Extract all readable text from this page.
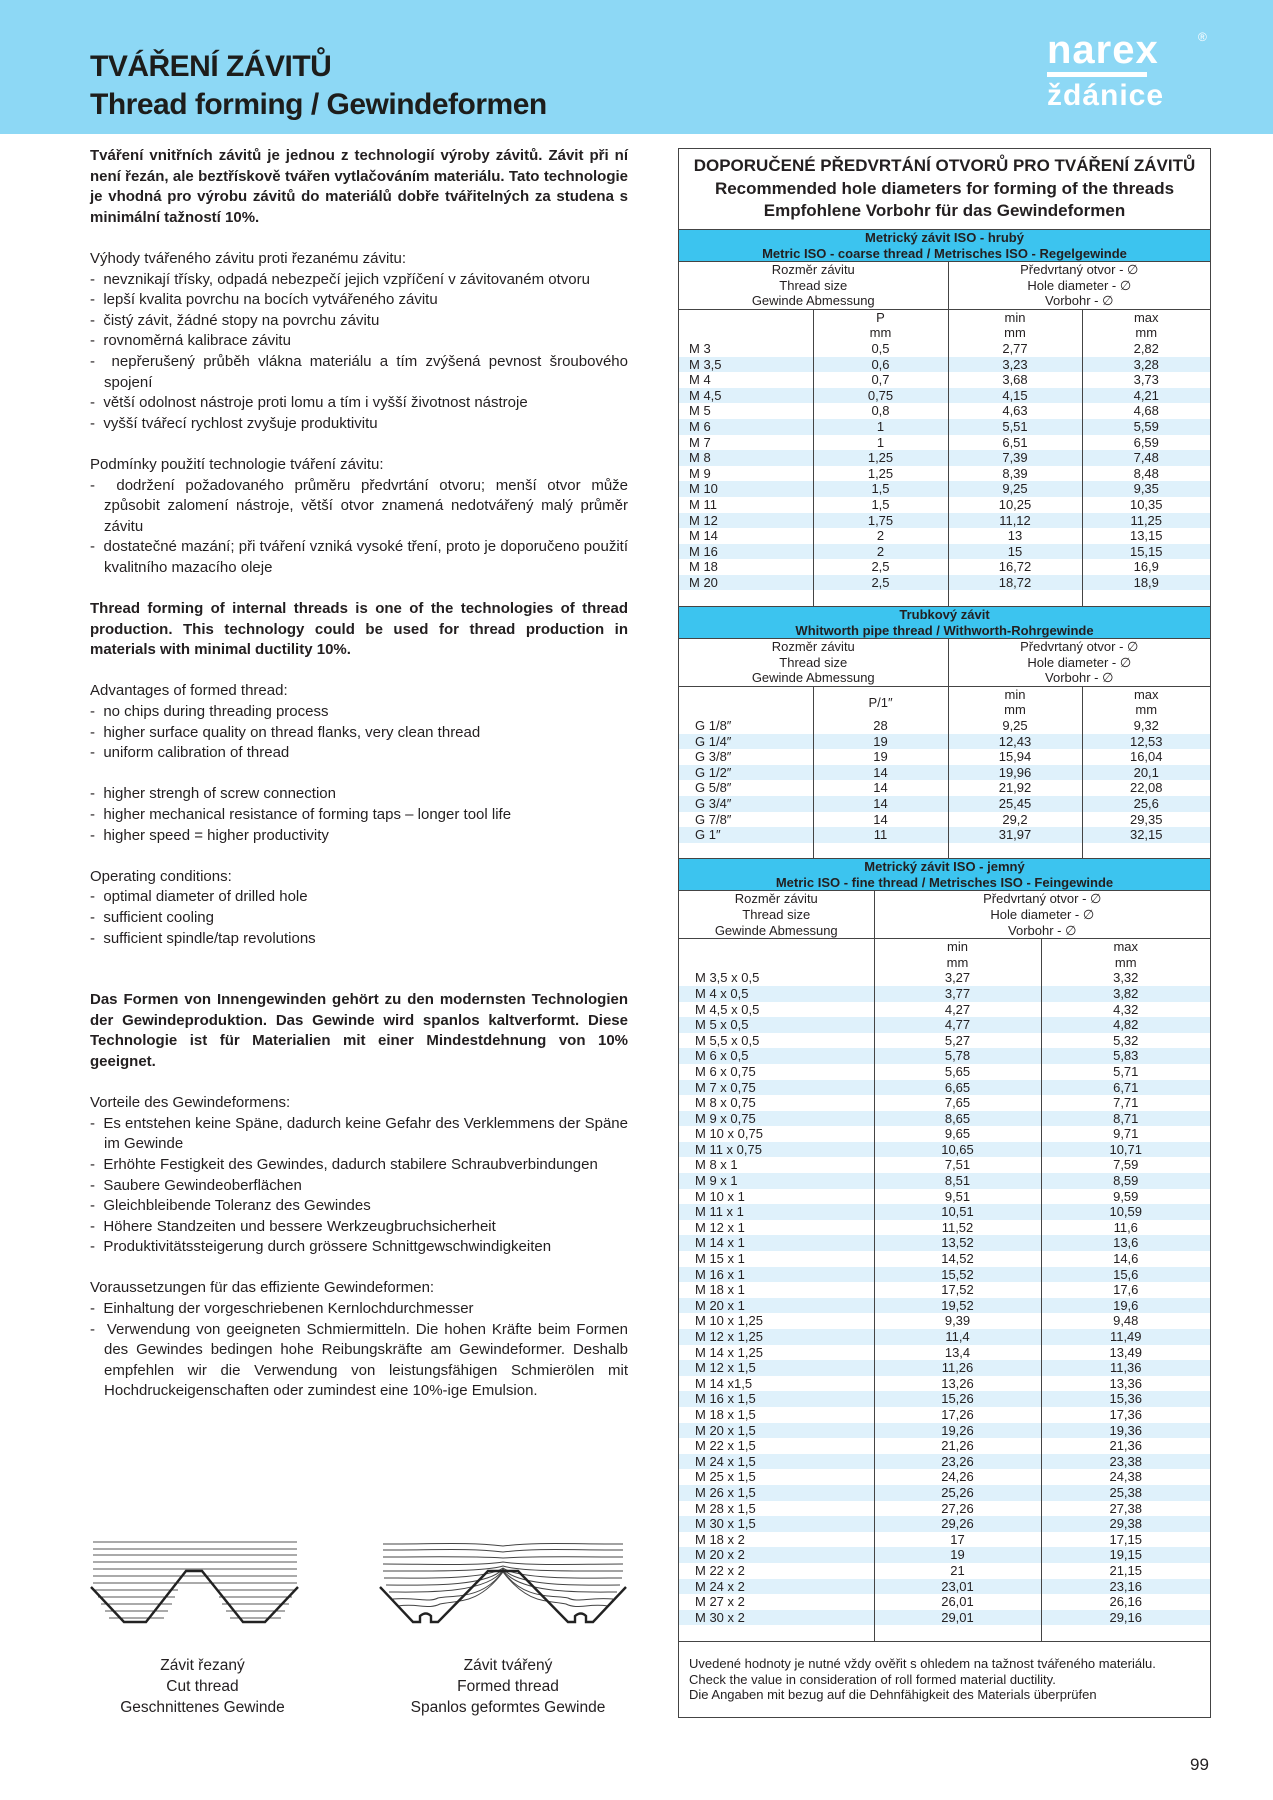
TVÁŘENÍ ZÁVITŮ
Thread forming / Gewindeformen
narex
ždánice
®

Tváření vnitřních závitů je jednou z technologií výroby závitů. Závit při ní není řezán, ale beztřískově tvářen vytlačováním materiálu. Tato technologie je vhodná pro výrobu závitů do materiálů dobře tvářitelných za studena s minimální tažností 10%.

Výhody tvářeného závitu proti řezanému závitu:

-  nevznikají třísky, odpadá nebezpečí jejich vzpříčení v závitovaném otvoru
-  lepší kvalita povrchu na bocích vytvářeného závitu
-  čistý závit, žádné stopy na povrchu závitu
-  rovnoměrná kalibrace závitu
-  nepřerušený průběh vlákna materiálu a tím zvýšená pevnost šroubového spojení
-  větší odolnost nástroje proti lomu a tím i vyšší životnost nástroje
-  vyšší tvářecí rychlost zvyšuje produktivitu

Podmínky použití technologie tváření závitu:

-  dodržení požadovaného průměru předvrtání otvoru; menší otvor může způsobit zalomení nástroje, větší otvor znamená nedotvářený malý průměr závitu
-  dostatečné mazání; při tváření vzniká vysoké tření, proto je doporučeno použití kvalitního mazacího oleje

Thread forming of internal threads is one of the technologies of thread production. This technology could be used for thread production in materials with minimal ductility 10%.

Advantages of formed thread:

-  no chips during threading process
-  higher surface quality on thread flanks, very clean thread
-  uniform calibration of thread
-  higher strengh of screw connection
-  higher mechanical resistance of forming taps – longer tool life
-  higher speed = higher productivity

Operating conditions:

-  optimal diameter of drilled hole
-  sufficient cooling
-  sufficient spindle/tap revolutions

Das Formen von Innengewinden gehört zu den modernsten Technologien der Gewindeproduktion. Das Gewinde wird spanlos kaltverformt. Diese Technologie ist für Materialien mit einer Mindestdehnung von 10% geeignet.

Vorteile des Gewindeformens:

-  Es entstehen keine Späne, dadurch keine Gefahr des Verklemmens der Späne im Gewinde
-  Erhöhte Festigkeit des Gewindes, dadurch stabilere Schraubverbindungen
-  Saubere Gewindeoberflächen
-  Gleichbleibende Toleranz des Gewindes
-  Höhere Standzeiten und bessere Werkzeugbruchsicherheit
-  Produktivitätssteigerung durch grössere Schnittgewschwindigkeiten

Voraussetzungen für das effiziente Gewindeformen:

-  Einhaltung der vorgeschriebenen Kernlochdurchmesser
-  Verwendung von geeigneten Schmiermitteln. Die hohen Kräfte beim Formen des Gewindes bedingen hohe Reibungskräfte am Gewindeformer. Deshalb empfehlen wir die Verwendung von leistungsfähigen Schmierölen mit Hochdruckeigenschaften oder zumindest eine 10%-ige Emulsion.
Závit řezaný
Cut thread
Geschnittenes Gewinde
Závit tvářený
Formed thread
Spanlos geformtes Gewinde
DOPORUČENÉ PŘEDVRTÁNÍ OTVORŮ PRO TVÁŘENÍ ZÁVITŮ
Recommended hole diameters for forming of the threads
Empfohlene Vorbohr für das Gewindeformen
Metrický závit ISO - hrubý
Metric ISO - coarse thread / Metrisches ISO - Regelgewinde
Rozměr závitu
Thread size
Gewinde Abmessung

Předvrtaný otvor - ∅
Hole diameter - ∅
Vorbohr - ∅

P
mm

min
mm

max
mm

M 3	0,5	2,77	2,82
M 3,5	0,6	3,23	3,28
M 4	0,7	3,68	3,73
M 4,5	0,75	4,15	4,21
M 5	0,8	4,63	4,68
M 6	1	5,51	5,59
M 7	1	6,51	6,59
M 8	1,25	7,39	7,48
M 9	1,25	8,39	8,48
M 10	1,5	9,25	9,35
M 11	1,5	10,25	10,35
M 12	1,75	11,12	11,25
M 14	2	13	13,15
M 16	2	15	15,15
M 18	2,5	16,72	16,9
M 20	2,5	18,72	18,9

Trubkový závit
Whitworth pipe thread / Withworth-Rohrgewinde
Rozměr závitu
Thread size
Gewinde Abmessung

Předvrtaný otvor - ∅
Hole diameter - ∅
Vorbohr - ∅

	P/1″	
min
mm

max
mm

G 1/8″	28	9,25	9,32
G 1/4″	19	12,43	12,53
G 3/8″	19	15,94	16,04
G 1/2″	14	19,96	20,1
G 5/8″	14	21,92	22,08
G 3/4″	14	25,45	25,6
G 7/8″	14	29,2	29,35
G 1″	11	31,97	32,15

Metrický závit ISO - jemný
Metric ISO - fine thread / Metrisches ISO - Feingewinde
Rozměr závitu
Thread size
Gewinde Abmessung

Předvrtaný otvor - ∅
Hole diameter - ∅
Vorbohr - ∅

min
mm

max
mm

M 3,5 x 0,5	3,27	3,32
M 4 x 0,5	3,77	3,82
M 4,5 x 0,5	4,27	4,32
M 5 x 0,5	4,77	4,82
M 5,5 x 0,5	5,27	5,32
M 6 x 0,5	5,78	5,83
M 6 x 0,75	5,65	5,71
M 7 x 0,75	6,65	6,71
M 8 x 0,75	7,65	7,71
M 9 x 0,75	8,65	8,71
M 10 x 0,75	9,65	9,71
M 11 x 0,75	10,65	10,71
M 8 x 1	7,51	7,59
M 9 x 1	8,51	8,59
M 10 x 1	9,51	9,59
M 11 x 1	10,51	10,59
M 12 x 1	11,52	11,6
M 14 x 1	13,52	13,6
M 15 x 1	14,52	14,6
M 16 x 1	15,52	15,6
M 18 x 1	17,52	17,6
M 20 x 1	19,52	19,6
M 10 x 1,25	9,39	9,48
M 12 x 1,25	11,4	11,49
M 14 x 1,25	13,4	13,49
M 12 x 1,5	11,26	11,36
M 14 x1,5	13,26	13,36
M 16 x 1,5	15,26	15,36
M 18 x 1,5	17,26	17,36
M 20 x 1,5	19,26	19,36
M 22 x 1,5	21,26	21,36
M 24 x 1,5	23,26	23,38
M 25 x 1,5	24,26	24,38
M 26 x 1,5	25,26	25,38
M 28 x 1,5	27,26	27,38
M 30 x 1,5	29,26	29,38
M 18 x 2	17	17,15
M 20 x 2	19	19,15
M 22 x 2	21	21,15
M 24 x 2	23,01	23,16
M 27 x 2	26,01	26,16
M 30 x 2	29,01	29,16

Uvedené hodnoty je nutné vždy ověřit s ohledem na tažnost tvářeného materiálu.
Check the value in consideration of roll formed material ductility.
Die Angaben mit bezug auf die Dehnfähigkeit des Materials überprüfen
99
